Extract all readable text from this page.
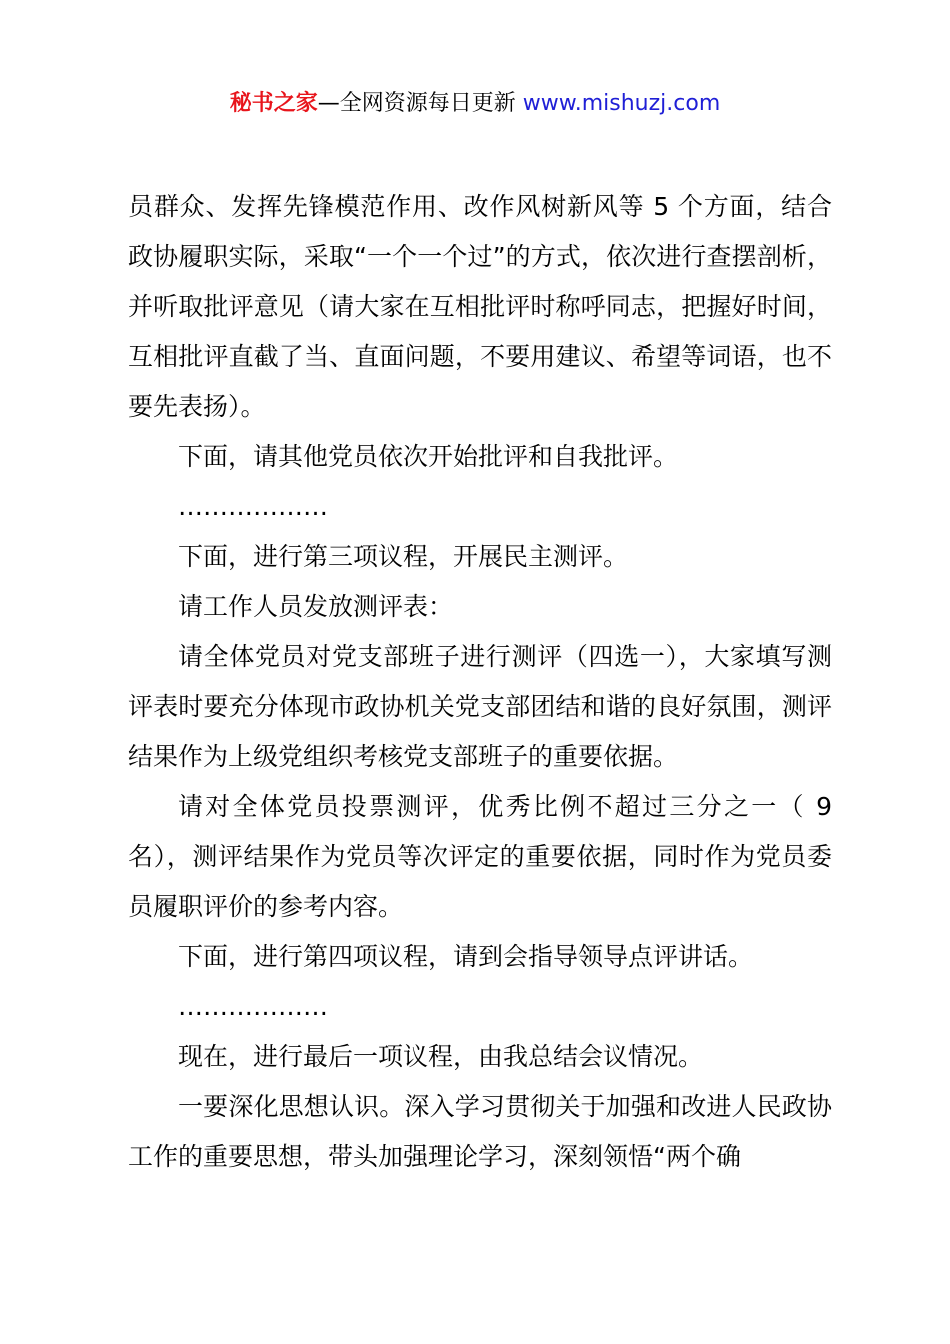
秘书之家—全网资源每日更新 www.mishuzj.com

员群众、发挥先锋模范作用、改作风树新风等 5 个方面，结合政协履职实际，采取“一个一个过”的方式，依次进行查摆剖析，并听取批评意见（请大家在互相批评时称呼同志，把握好时间，互相批评直截了当、直面问题，不要用建议、希望等词语，也不要先表扬）。

下面，请其他党员依次开始批评和自我批评。

………………

下面，进行第三项议程，开展民主测评。

请工作人员发放测评表：

请全体党员对党支部班子进行测评（四选一），大家填写测评表时要充分体现市政协机关党支部团结和谐的良好氛围，测评结果作为上级党组织考核党支部班子的重要依据。

请对全体党员投票测评，优秀比例不超过三分之一（ 9 名），测评结果作为党员等次评定的重要依据，同时作为党员委员履职评价的参考内容。

下面，进行第四项议程，请到会指导领导点评讲话。

………………

现在，进行最后一项议程，由我总结会议情况。

一要深化思想认识。深入学习贯彻关于加强和改进人民政协工作的重要思想，带头加强理论学习，深刻领悟“两个确
